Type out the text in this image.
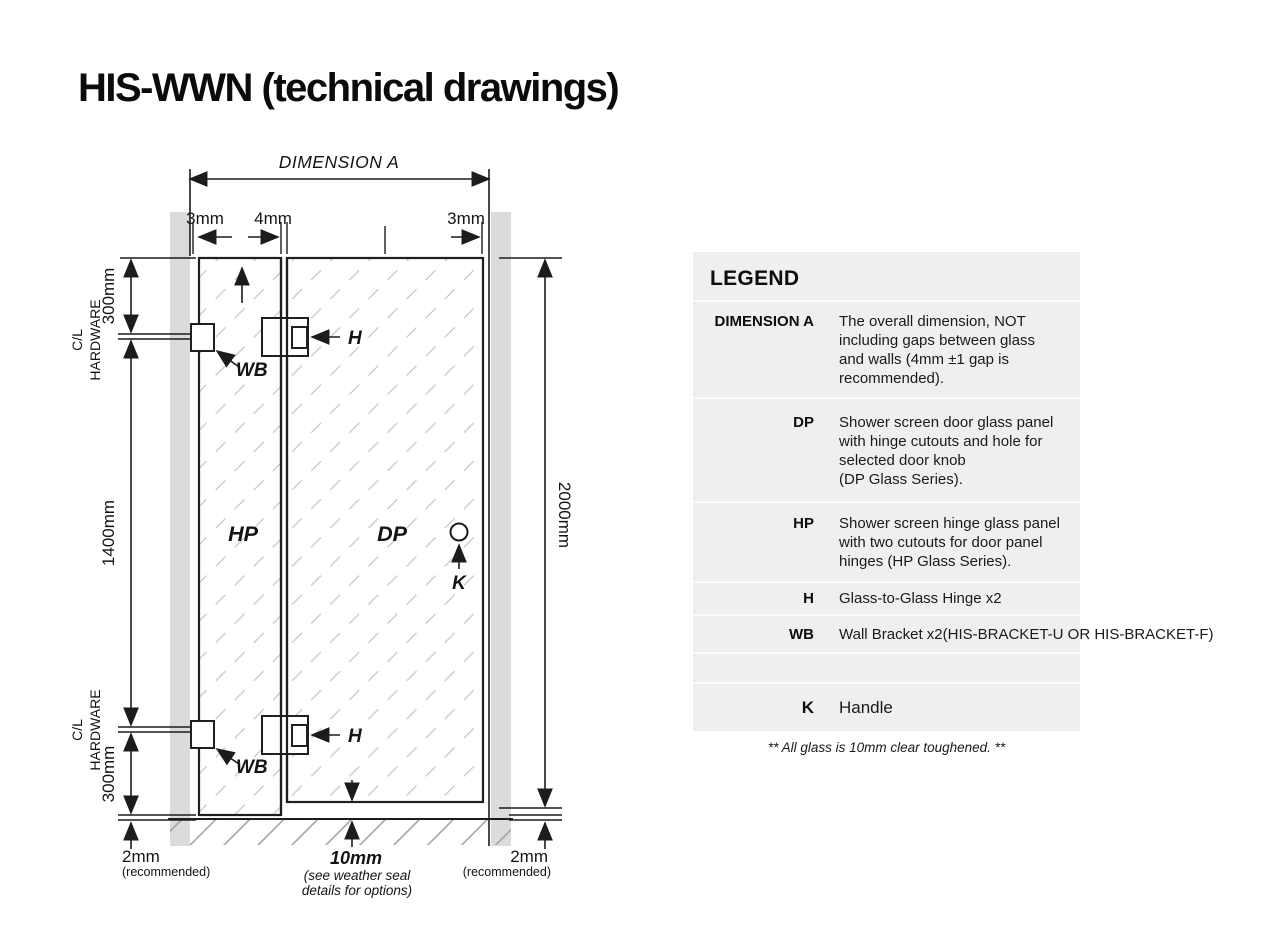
HIS-WWN (technical drawings)
DIMENSION A
3mm 4mm	3mm
300mm
C/L HARDWARE
1400mm
C/L HARDWARE
300mm
2mm
(recommended)
2000mm
2mm
(recommended)
10mm
(see weather seal
details for options)
HP	DP
K
WB
H
WB
H
LEGEND
DIMENSION A The overall dimension, NOT
including gaps between glass
and walls (4mm ±1 gap is
recommended).
DP Shower screen door glass panel
with hinge cutouts and hole for
selected door knob
(DP Glass Series).
HP Shower screen hinge glass panel
with two cutouts for door panel
hinges (HP Glass Series).
H Glass-to-Glass Hinge x2
WB Wall Bracket x2(HIS-BRACKET-U OR HIS-BRACKET-F)
K Handle
** All glass is 10mm clear toughened. **
